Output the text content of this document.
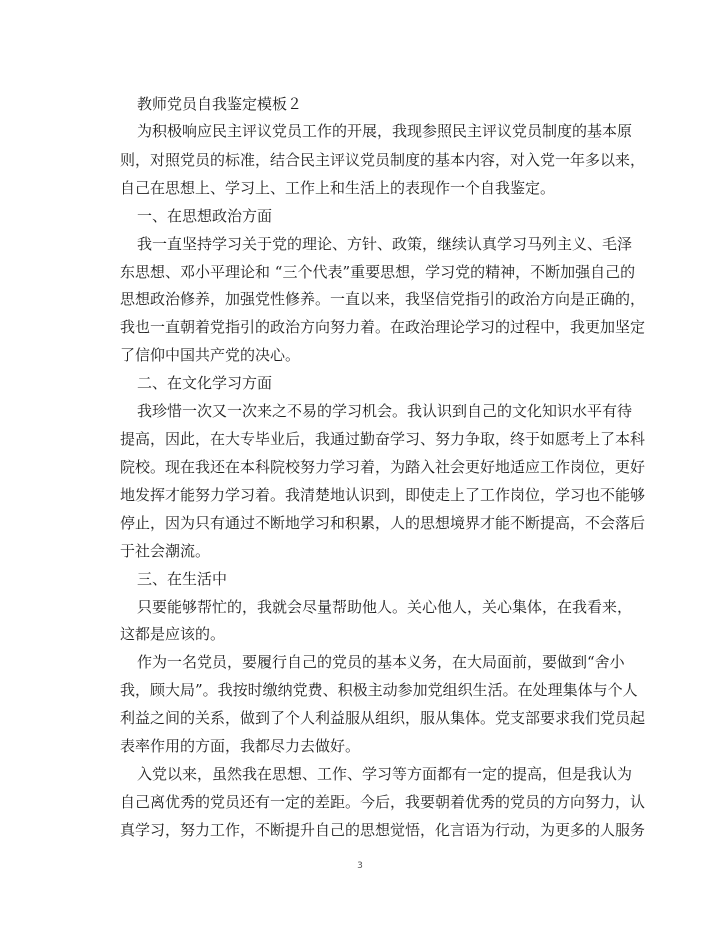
教师党员自我鉴定模板２

为积极响应民主评议党员工作的开展，我现参照民主评议党员制度的基本原

则，对照党员的标准，结合民主评议党员制度的基本内容，对入党一年多以来，

自己在思想上、学习上、工作上和生活上的表现作一个自我鉴定。

一、在思想政治方面

我一直坚持学习关于党的理论、方针、政策，继续认真学习马列主义、毛泽

东思想、邓小平理论和 “三个代表”重要思想，学习党的精神，不断加强自己的

思想政治修养，加强党性修养。一直以来，我坚信党指引的政治方向是正确的，

我也一直朝着党指引的政治方向努力着。在政治理论学习的过程中，我更加坚定

了信仰中国共产党的决心。

二、在文化学习方面

我珍惜一次又一次来之不易的学习机会。我认识到自己的文化知识水平有待

提高，因此，在大专毕业后，我通过勤奋学习、努力争取，终于如愿考上了本科

院校。现在我还在本科院校努力学习着，为踏入社会更好地适应工作岗位，更好

地发挥才能努力学习着。我清楚地认识到，即使走上了工作岗位，学习也不能够

停止，因为只有通过不断地学习和积累，人的思想境界才能不断提高，不会落后

于社会潮流。

三、在生活中

只要能够帮忙的，我就会尽量帮助他人。关心他人，关心集体，在我看来，

这都是应该的。

作为一名党员，要履行自己的党员的基本义务，在大局面前，要做到“舍小

我，顾大局”。我按时缴纳党费、积极主动参加党组织生活。在处理集体与个人

利益之间的关系，做到了个人利益服从组织，服从集体。党支部要求我们党员起

表率作用的方面，我都尽力去做好。

入党以来，虽然我在思想、工作、学习等方面都有一定的提高，但是我认为

自己离优秀的党员还有一定的差距。今后，我要朝着优秀的党员的方向努力，认

真学习，努力工作，不断提升自己的思想觉悟，化言语为行动，为更多的人服务

3
